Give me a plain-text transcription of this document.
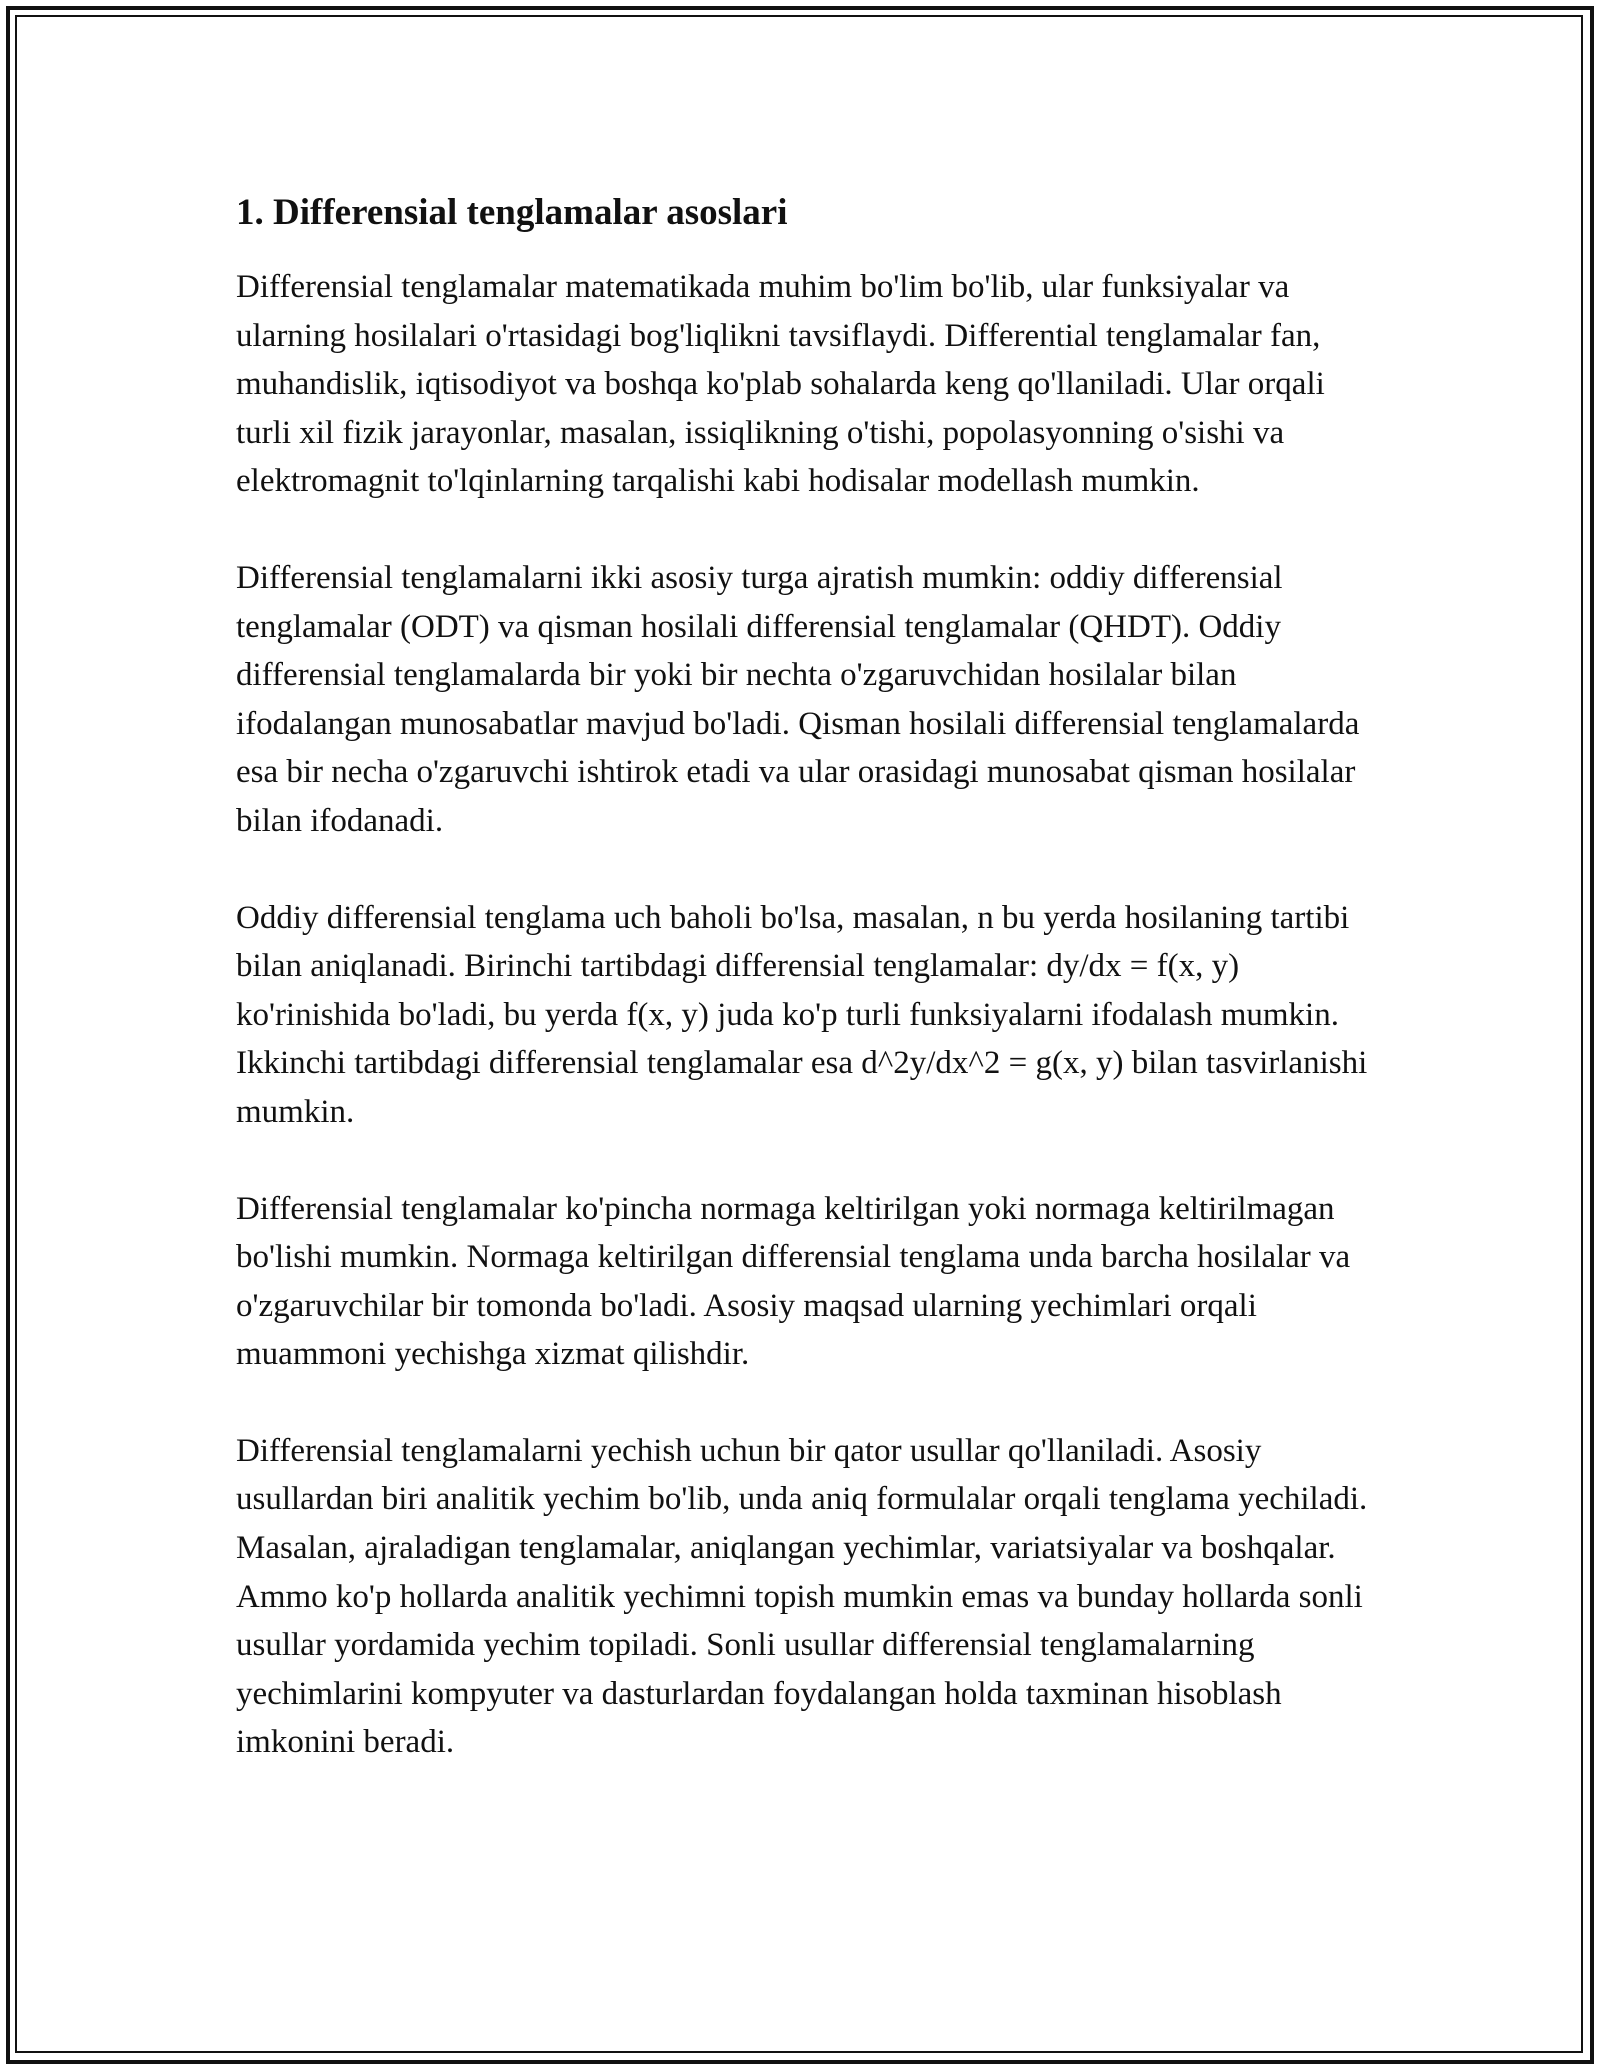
1. Differensial tenglamalar asoslari

Differensial tenglamalar matematikada muhim bo'lim bo'lib, ular funksiyalar va ularning hosilalari o'rtasidagi bog'liqlikni tavsiflaydi. Differential tenglamalar fan, muhandislik, iqtisodiyot va boshqa ko'plab sohalarda keng qo'llaniladi. Ular orqali turli xil fizik jarayonlar, masalan, issiqlikning o'tishi, popolasyonning o'sishi va elektromagnit to'lqinlarning tarqalishi kabi hodisalar modellash mumkin.

Differensial tenglamalarni ikki asosiy turga ajratish mumkin: oddiy differensial tenglamalar (ODT) va qisman hosilali differensial tenglamalar (QHDT). Oddiy differensial tenglamalarda bir yoki bir nechta o'zgaruvchidan hosilalar bilan ifodalangan munosabatlar mavjud bo'ladi. Qisman hosilali differensial tenglamalarda esa bir necha o'zgaruvchi ishtirok etadi va ular orasidagi munosabat qisman hosilalar bilan ifodanadi.

Oddiy differensial tenglama uch baholi bo'lsa, masalan, n bu yerda hosilaning tartibi bilan aniqlanadi. Birinchi tartibdagi differensial tenglamalar: dy/dx = f(x, y) ko'rinishida bo'ladi, bu yerda f(x, y) juda ko'p turli funksiyalarni ifodalash mumkin. Ikkinchi tartibdagi differensial tenglamalar esa d^2y/dx^2 = g(x, y) bilan tasvirlanishi mumkin.

Differensial tenglamalar ko'pincha normaga keltirilgan yoki normaga keltirilmagan bo'lishi mumkin. Normaga keltirilgan differensial tenglama unda barcha hosilalar va o'zgaruvchilar bir tomonda bo'ladi. Asosiy maqsad ularning yechimlari orqali muammoni yechishga xizmat qilishdir.

Differensial tenglamalarni yechish uchun bir qator usullar qo'llaniladi. Asosiy usullardan biri analitik yechim bo'lib, unda aniq formulalar orqali tenglama yechiladi. Masalan, ajraladigan tenglamalar, aniqlangan yechimlar, variatsiyalar va boshqalar. Ammo ko'p hollarda analitik yechimni topish mumkin emas va bunday hollarda sonli usullar yordamida yechim topiladi. Sonli usullar differensial tenglamalarning yechimlarini kompyuter va dasturlardan foydalangan holda taxminan hisoblash imkonini beradi.
